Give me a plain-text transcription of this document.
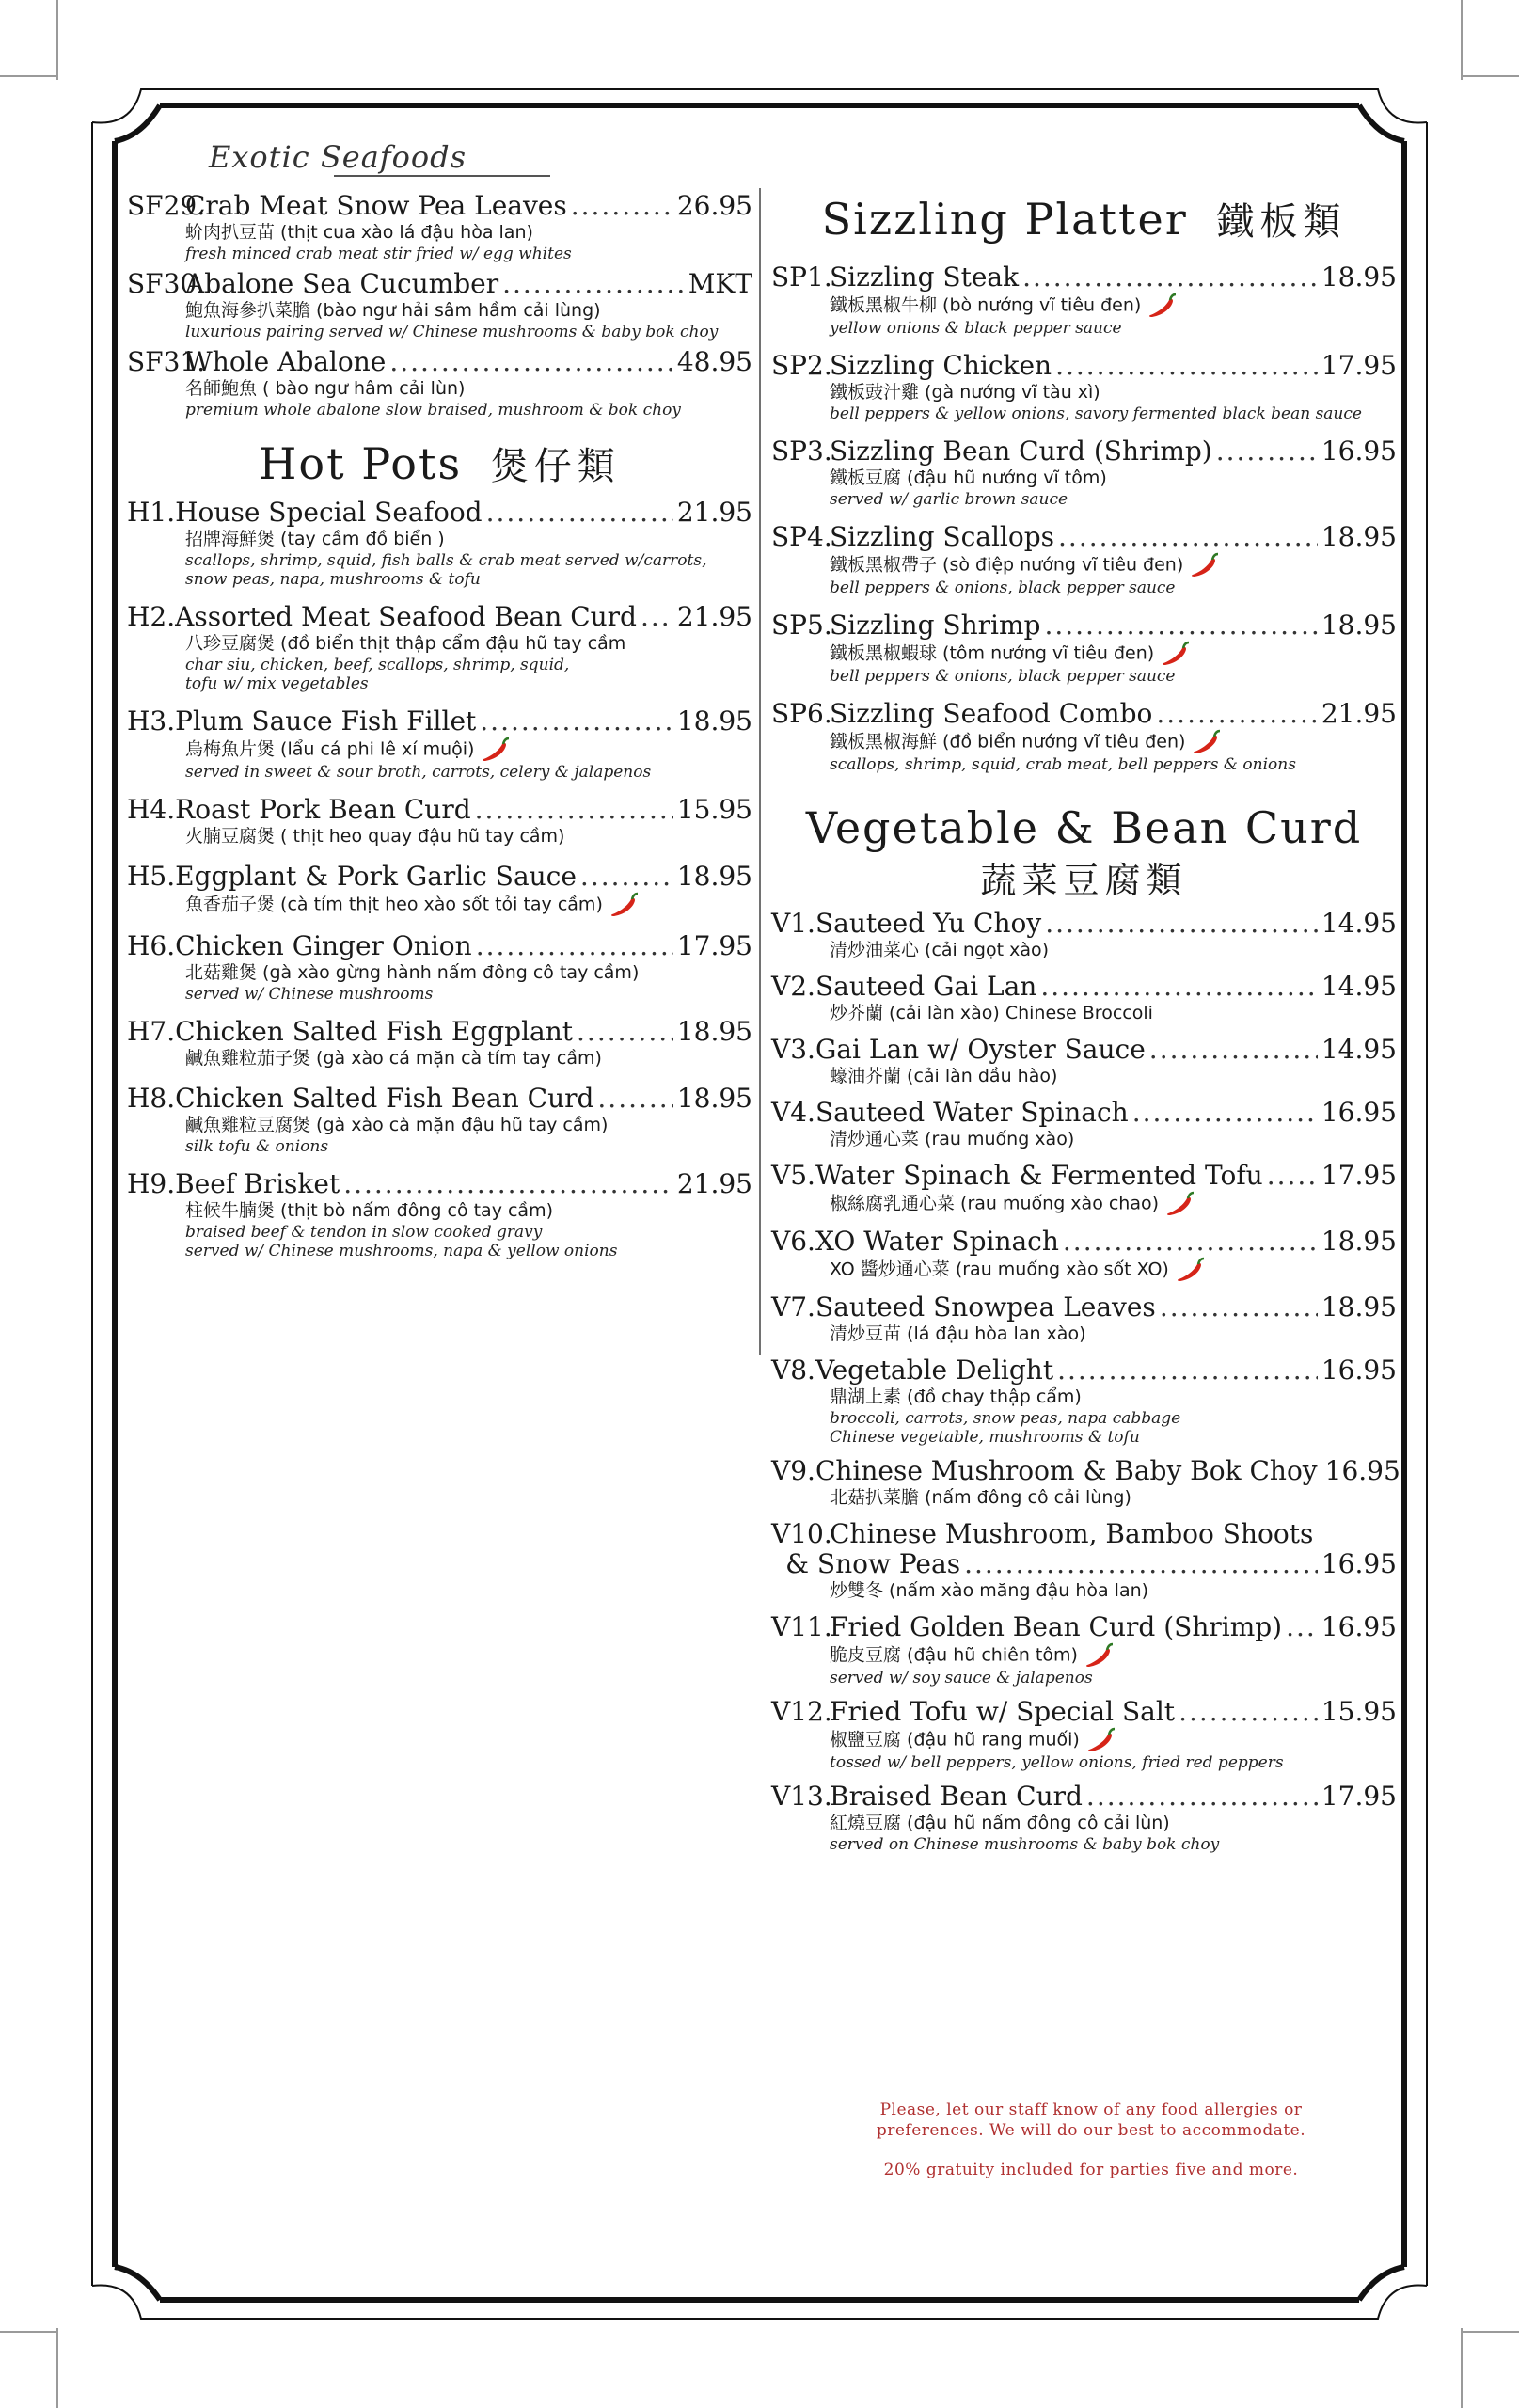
Exotic Seafoods
SF29.
Crab Meat Snow Pea Leaves .....	26.95
蚧肉扒豆苗 (thịt cua xào lá đậu hòa lan)
fresh minced crab meat stir fried w/ egg whites
SF30.
Abalone Sea Cucumber .....	MKT
鮑魚海參扒菜膽 (bào ngư hải sâm hầm cải lùng)
luxurious pairing served w/ Chinese mushrooms & baby bok choy
SF31.
Whole Abalone .....	48.95
名師鮑魚 ( bào ngư hâm cải lùn)
premium whole abalone slow braised, mushroom & bok choy
Hot Pots 煲仔類
H1. House Special Seafood .....	21.95
招牌海鮮煲 (tay cầm đồ biển )
scallops, shrimp, squid, fish balls & crab meat served w/carrots,
snow peas, napa, mushrooms & tofu
H2. Assorted Meat Seafood Bean Curd ..... 21.95
八珍豆腐煲 (đồ biển thịt thập cẩm đậu hũ tay cầm
char siu, chicken, beef, scallops, shrimp, squid,
tofu w/ mix vegetables
H3. Plum Sauce Fish Fillet .....	18.95
烏梅魚片煲 (lẩu cá phi lê xí muội)
served in sweet & sour broth, carrots, celery & jalapenos
H4. Roast Pork Bean Curd .....	15.95
火腩豆腐煲 ( thịt heo quay đậu hũ tay cầm)
H5. Eggplant & Pork Garlic Sauce .....	18.95
魚香茄子煲 (cà tím thịt heo xào sốt tỏi tay cầm)
H6. Chicken Ginger Onion .....	17.95
北菇雞煲 (gà xào gừng hành nấm đông cô tay cầm)
served w/ Chinese mushrooms
H7. Chicken Salted Fish Eggplant .....	18.95
鹹魚雞粒茄子煲 (gà xào cá mặn cà tím tay cầm)
H8. Chicken Salted Fish Bean Curd .....	18.95
鹹魚雞粒豆腐煲 (gà xào cà mặn đậu hũ tay cầm)
silk tofu & onions
H9. Beef Brisket .....	21.95
柱候牛腩煲 (thịt bò nấm đông cô tay cầm)
braised beef & tendon in slow cooked gravy
served w/ Chinese mushrooms, napa & yellow onions
Sizzling Platter 鐵板類
SP1.
Sizzling Steak .....	18.95
鐵板黑椒牛柳 (bò nướng vĩ tiêu đen)
yellow onions & black pepper sauce
SP2.
Sizzling Chicken .....	17.95
鐵板豉汁雞 (gà nướng vĩ tàu xì)
bell peppers & yellow onions, savory fermented black bean sauce
SP3.
Sizzling Bean Curd (Shrimp) .....	16.95
鐵板豆腐 (đậu hũ nướng vĩ tôm)
served w/ garlic brown sauce
SP4.
Sizzling Scallops .....	18.95
鐵板黑椒帶子 (sò điệp nướng vĩ tiêu đen)
bell peppers & onions, black pepper sauce
SP5.
Sizzling Shrimp .....	18.95
鐵板黑椒蝦球 (tôm nướng vĩ tiêu đen)
bell peppers & onions, black pepper sauce
SP6.
Sizzling Seafood Combo .....	21.95
鐵板黑椒海鮮 (đồ biển nướng vĩ tiêu đen)
scallops, shrimp, squid, crab meat, bell peppers & onions
Vegetable & Bean Curd
蔬菜豆腐類
V1. Sauteed Yu Choy .....	14.95
清炒油菜心 (cải ngọt xào)
V2. Sauteed Gai Lan .....	14.95
炒芥蘭 (cải làn xào) Chinese Broccoli
V3. Gai Lan w/ Oyster Sauce .....	14.95
蠔油芥蘭 (cải làn dầu hào)
V4. Sauteed Water Spinach .....	16.95
清炒通心菜 (rau muống xào)
V5. Water Spinach & Fermented Tofu ..... 17.95
椒絲腐乳通心菜 (rau muống xào chao)
V6. XO Water Spinach .....	18.95
XO 醬炒通心菜 (rau muống xào sốt XO)
V7. Sauteed Snowpea Leaves .....	18.95
清炒豆苗 (lá đậu hòa lan xào)
V8. Vegetable Delight .....	16.95
鼎湖上素 (đồ chay thập cẩm)
broccoli, carrots, snow peas, napa cabbage
Chinese vegetable, mushrooms & tofu
V9. Chinese Mushroom & Baby Bok Choy 16.95
北菇扒菜膽 (nấm đông cô cải lùng)
V10.
Chinese Mushroom, Bamboo Shoots
& Snow Peas .....	16.95
炒雙冬 (nấm xào măng đậu hòa lan)
V11.
Fried Golden Bean Curd (Shrimp) ..... 16.95
脆皮豆腐 (đậu hũ chiên tôm)
served w/ soy sauce & jalapenos
V12.
Fried Tofu w/ Special Salt .....	15.95
椒鹽豆腐 (đậu hũ rang muối)
tossed w/ bell peppers, yellow onions, fried red peppers
V13.
Braised Bean Curd .....	17.95
紅燒豆腐 (đậu hũ nấm đông cô cải lùn)
served on Chinese mushrooms & baby bok choy
Please, let our staff know of any food allergies or
preferences. We will do our best to accommodate.
20% gratuity included for parties five and more.
